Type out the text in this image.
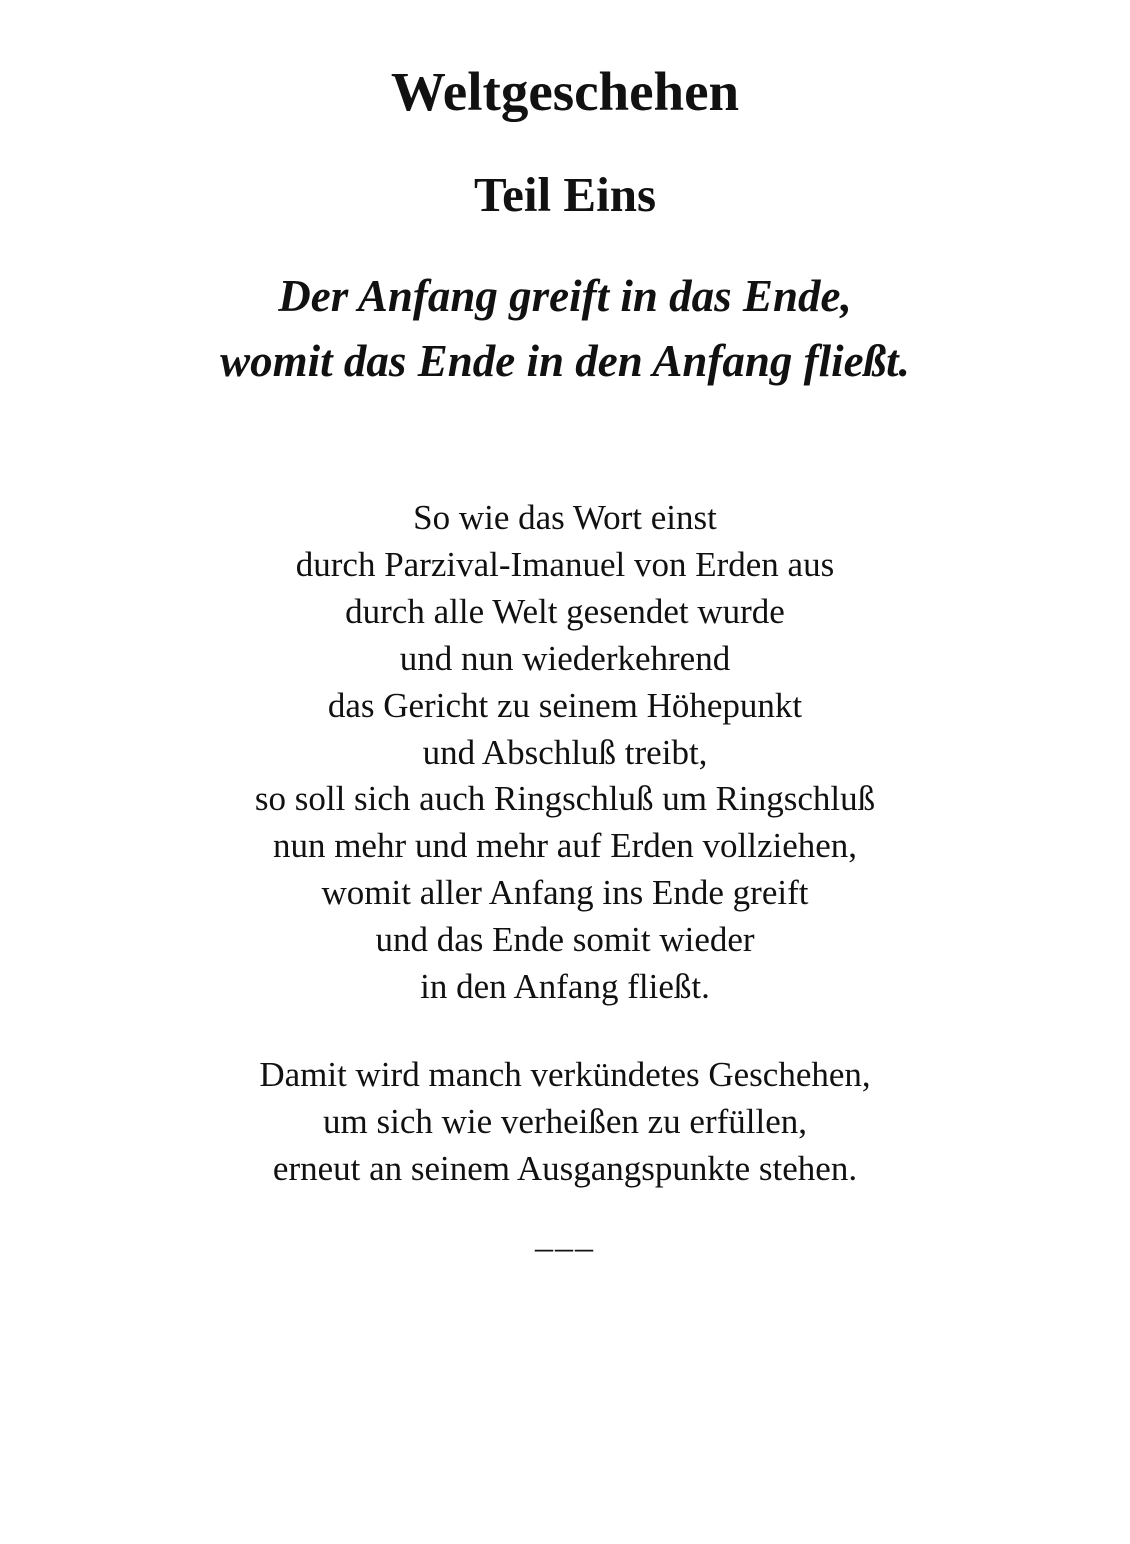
Weltgeschehen
Teil Eins

Der Anfang greift in das Ende,
womit das Ende in den Anfang fließt.

So wie das Wort einst
durch Parzival-Imanuel von Erden aus
durch alle Welt gesendet wurde
und nun wiederkehrend
das Gericht zu seinem Höhepunkt
und Abschluß treibt,
so soll sich auch Ringschluß um Ringschluß
nun mehr und mehr auf Erden vollziehen,
womit aller Anfang ins Ende greift
und das Ende somit wieder
in den Anfang fließt.

Damit wird manch verkündetes Geschehen,
um sich wie verheißen zu erfüllen,
erneut an seinem Ausgangspunkte stehen.

–––
